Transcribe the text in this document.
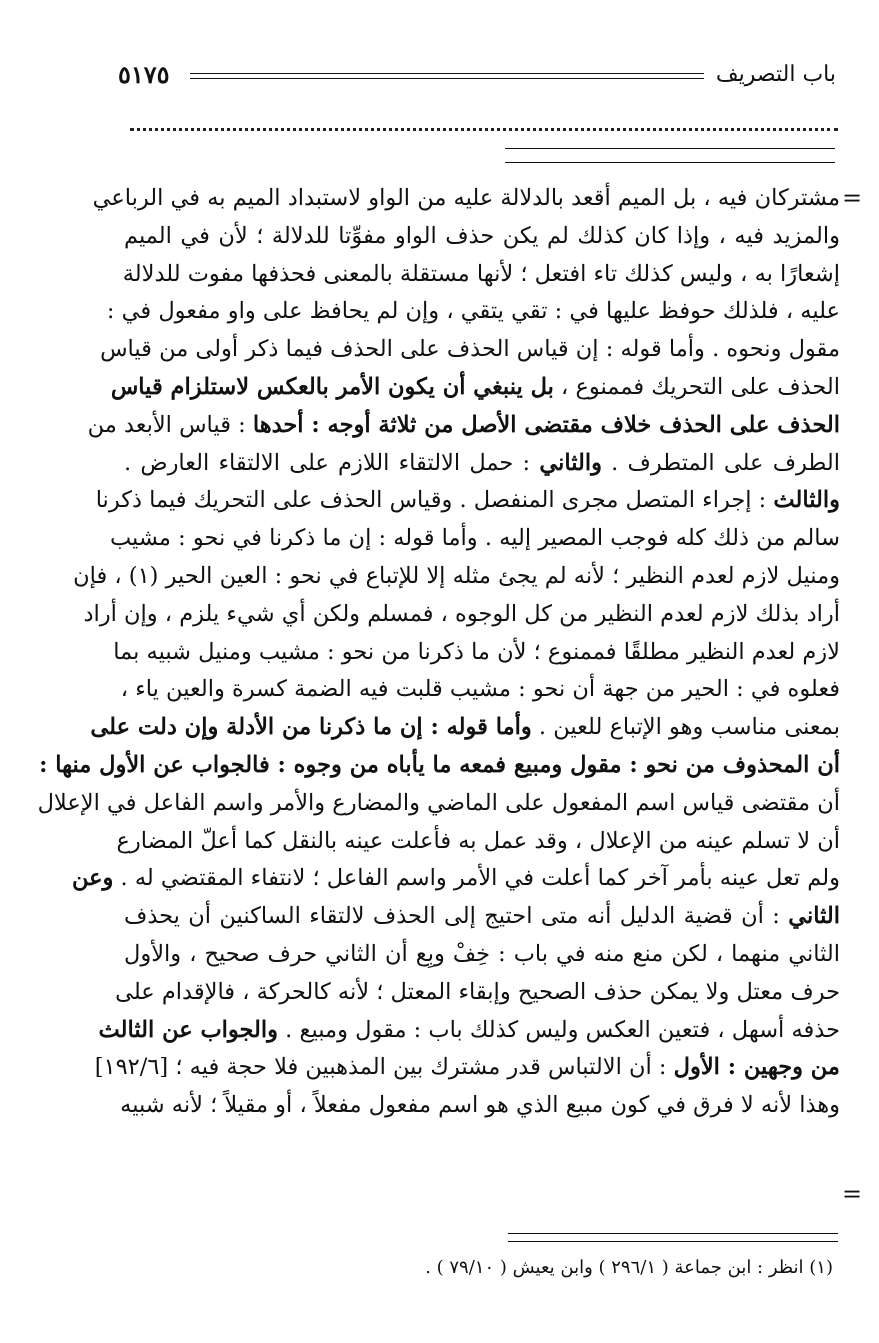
باب التصريف
٥١٧٥
=
مشتركان فيه ، بل الميم أقعد بالدلالة عليه من الواو لاستبداد الميم به في الرباعي
والمزيد فيه ، وإذا كان كذلك لم يكن حذف الواو مفوِّتا للدلالة ؛ لأن في الميم
إشعارًا به ، وليس كذلك تاء افتعل ؛ لأنها مستقلة بالمعنى فحذفها مفوت للدلالة
عليه ، فلذلك حوفظ عليها في : تقي يتقي ، وإن لم يحافظ على واو مفعول في :
مقول ونحوه . وأما قوله : إن قياس الحذف على الحذف فيما ذكر أولى من قياس
الحذف على التحريك فممنوع ، بل ينبغي أن يكون الأمر بالعكس لاستلزام قياس
الحذف على الحذف خلاف مقتضى الأصل من ثلاثة أوجه : أحدها : قياس الأبعد من
الطرف على المتطرف . والثاني : حمل الالتقاء اللازم على الالتقاء العارض .
والثالث : إجراء المتصل مجرى المنفصل . وقياس الحذف على التحريك فيما ذكرنا
سالم من ذلك كله فوجب المصير إليه . وأما قوله : إن ما ذكرنا في نحو : مشيب
ومنيل لازم لعدم النظير ؛ لأنه لم يجئ مثله إلا للإتباع في نحو : العين الحير (١) ، فإن
أراد بذلك لازم لعدم النظير من كل الوجوه ، فمسلم ولكن أي شيء يلزم ، وإن أراد
لازم لعدم النظير مطلقًا فممنوع ؛ لأن ما ذكرنا من نحو : مشيب ومنيل شبيه بما
فعلوه في : الحير من جهة أن نحو : مشيب قلبت فيه الضمة كسرة والعين ياء ،
بمعنى مناسب وهو الإتباع للعين . وأما قوله : إن ما ذكرنا من الأدلة وإن دلت على
أن المحذوف من نحو : مقول ومبيع فمعه ما يأباه من وجوه : فالجواب عن الأول منها :
أن مقتضى قياس اسم المفعول على الماضي والمضارع والأمر واسم الفاعل في الإعلال
أن لا تسلم عينه من الإعلال ، وقد عمل به فأعلت عينه بالنقل كما أعلّ المضارع
ولم تعل عينه بأمر آخر كما أعلت في الأمر واسم الفاعل ؛ لانتفاء المقتضي له . وعن
الثاني : أن قضية الدليل أنه متى احتيج إلى الحذف لالتقاء الساكنين أن يحذف
الثاني منهما ، لكن منع منه في باب : خِفْ وبِع أن الثاني حرف صحيح ، والأول
حرف معتل ولا يمكن حذف الصحيح وإبقاء المعتل ؛ لأنه كالحركة ، فالإقدام على
حذفه أسهل ، فتعين العكس وليس كذلك باب : مقول ومبيع . والجواب عن الثالث
من وجهين : الأول : أن الالتباس قدر مشترك بين المذهبين فلا حجة فيه ؛ [١٩٢/٦]
وهذا لأنه لا فرق في كون مبيع الذي هو اسم مفعول مفعلاً ، أو مقيلاً ؛ لأنه شبيه
=
(١) انظر : ابن جماعة ( ٢٩٦/١ ) وابن يعيش ( ٧٩/١٠ ) .
